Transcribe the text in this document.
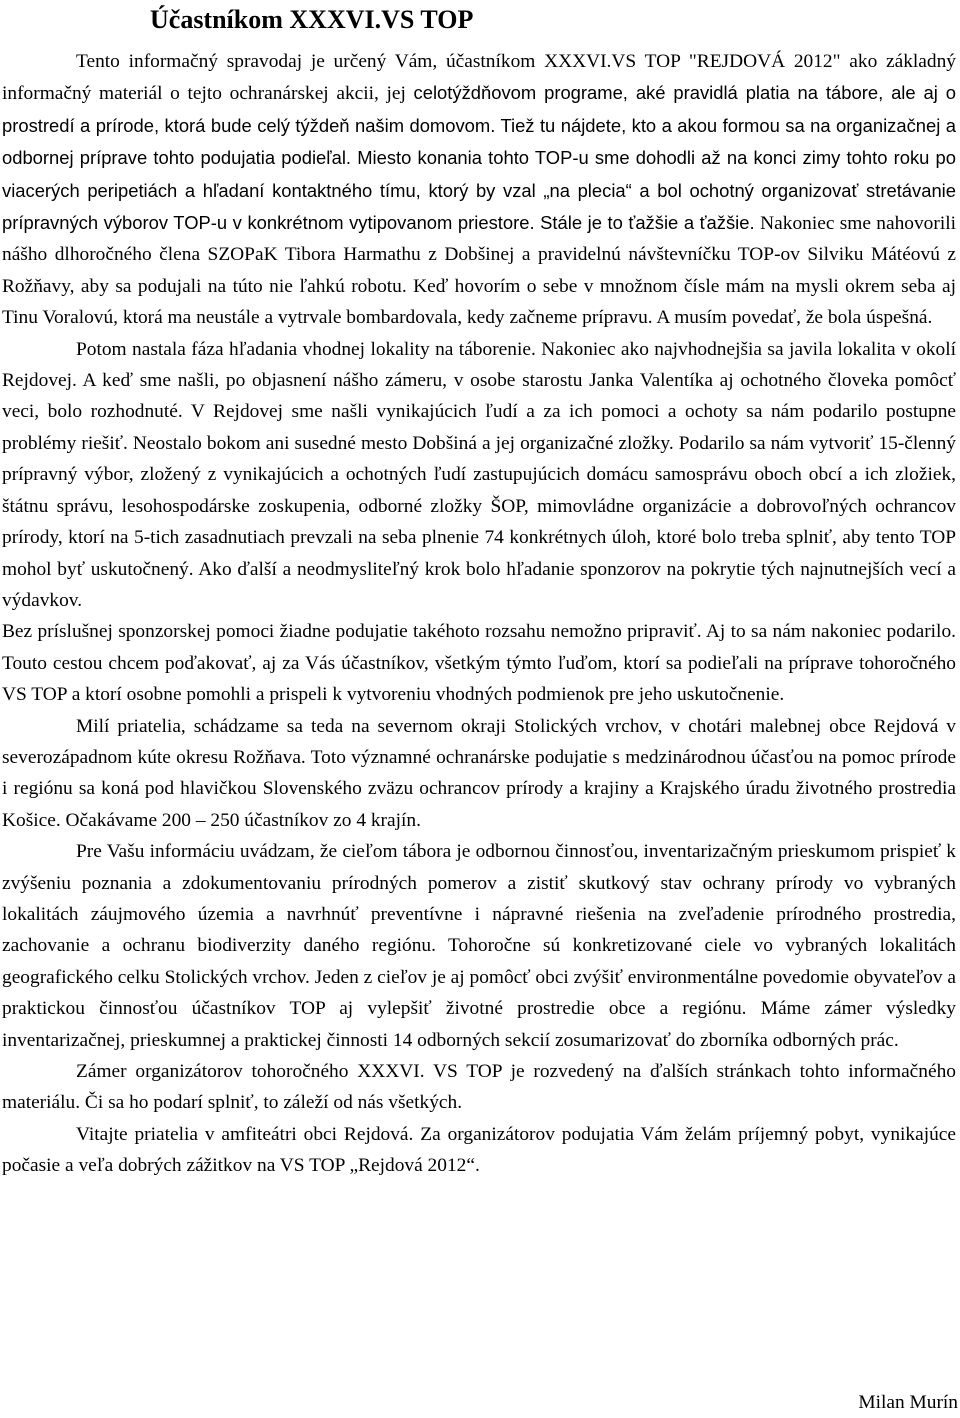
Účastníkom XXXVI.VS TOP

Tento informačný spravodaj je určený Vám, účastníkom XXXVI.VS TOP "REJDOVÁ 2012" ako základný informačný materiál o tejto ochranárskej akcii, jej celotýždňovom programe, aké pravidlá platia na tábore, ale aj o prostredí a prírode, ktorá bude celý týždeň našim domovom. Tiež tu nájdete, kto a akou formou sa na organizačnej a odbornej príprave tohto podujatia podieľal. Miesto konania tohto TOP-u sme dohodli až na konci zimy tohto roku po viacerých peripetiách a hľadaní kontaktného tímu, ktorý by vzal „na plecia“ a bol ochotný organizovať stretávanie prípravných výborov TOP-u v konkrétnom vytipovanom priestore. Stále je to ťažšie a ťažšie. Nakoniec sme nahovorili nášho dlhoročného člena SZOPaK Tibora Harmathu z Dobšinej a pravidelnú návštevníčku TOP-ov Silviku Mátéovú z Rožňavy, aby sa podujali na túto nie ľahkú robotu. Keď hovorím o sebe v množnom čísle mám na mysli okrem seba aj Tinu Voralovú, ktorá ma neustále a vytrvale bombardovala, kedy začneme prípravu. A musím povedať, že bola úspešná.

Potom nastala fáza hľadania vhodnej lokality na táborenie. Nakoniec ako najvhodnejšia sa javila lokalita v okolí Rejdovej. A keď sme našli, po objasnení nášho zámeru, v osobe starostu Janka Valentíka aj ochotného človeka pomôcť veci, bolo rozhodnuté. V Rejdovej sme našli vynikajúcich ľudí a za ich pomoci a ochoty sa nám podarilo postupne problémy riešiť. Neostalo bokom ani susedné mesto Dobšiná a jej organizačné zložky. Podarilo sa nám vytvoriť 15-členný prípravný výbor, zložený z vynikajúcich a ochotných ľudí zastupujúcich domácu samosprávu oboch obcí a ich zložiek, štátnu správu, lesohospodárske zoskupenia, odborné zložky ŠOP, mimovládne organizácie a dobrovoľných ochrancov prírody, ktorí na 5-tich zasadnutiach prevzali na seba plnenie 74 konkrétnych úloh, ktoré bolo treba splniť, aby tento TOP mohol byť uskutočnený. Ako ďalší a neodmysliteľný krok bolo hľadanie sponzorov na pokrytie tých najnutnejších vecí a výdavkov.

Bez príslušnej sponzorskej pomoci žiadne podujatie takéhoto rozsahu nemožno pripraviť. Aj to sa nám nakoniec podarilo. Touto cestou chcem poďakovať, aj za Vás účastníkov, všetkým týmto ľuďom, ktorí sa podieľali na príprave tohoročného VS TOP a ktorí osobne pomohli a prispeli k vytvoreniu vhodných podmienok pre jeho uskutočnenie.

Milí priatelia, schádzame sa teda na severnom okraji Stolických vrchov, v chotári malebnej obce Rejdová v severozápadnom kúte okresu Rožňava. Toto významné ochranárske podujatie s medzinárodnou účasťou na pomoc prírode i regiónu sa koná pod hlavičkou Slovenského zväzu ochrancov prírody a krajiny a Krajského úradu životného prostredia Košice. Očakávame 200 – 250 účastníkov zo 4 krajín.

Pre Vašu informáciu uvádzam, že cieľom tábora je odbornou činnosťou, inventarizačným prieskumom prispieť k zvýšeniu poznania a zdokumentovaniu prírodných pomerov a zistiť skutkový stav ochrany prírody vo vybraných lokalitách záujmového územia a navrhnúť preventívne i nápravné riešenia na zveľadenie prírodného prostredia, zachovanie a ochranu biodiverzity daného regiónu. Tohoročne sú konkretizované ciele vo vybraných lokalitách geografického celku Stolických vrchov. Jeden z cieľov je aj pomôcť obci zvýšiť environmentálne povedomie obyvateľov a praktickou činnosťou účastníkov TOP aj vylepšiť životné prostredie obce a regiónu. Máme zámer výsledky inventarizačnej, prieskumnej a praktickej činnosti 14 odborných sekcií zosumarizovať do zborníka odborných prác.

Zámer organizátorov tohoročného XXXVI. VS TOP je rozvedený na ďalších stránkach tohto informačného materiálu. Či sa ho podarí splniť, to záleží od nás všetkých.

Vitajte priatelia v amfiteátri obci Rejdová. Za organizátorov podujatia Vám želám príjemný pobyt, vynikajúce počasie a veľa dobrých zážitkov na VS TOP „Rejdová 2012“.

Milan Murín
